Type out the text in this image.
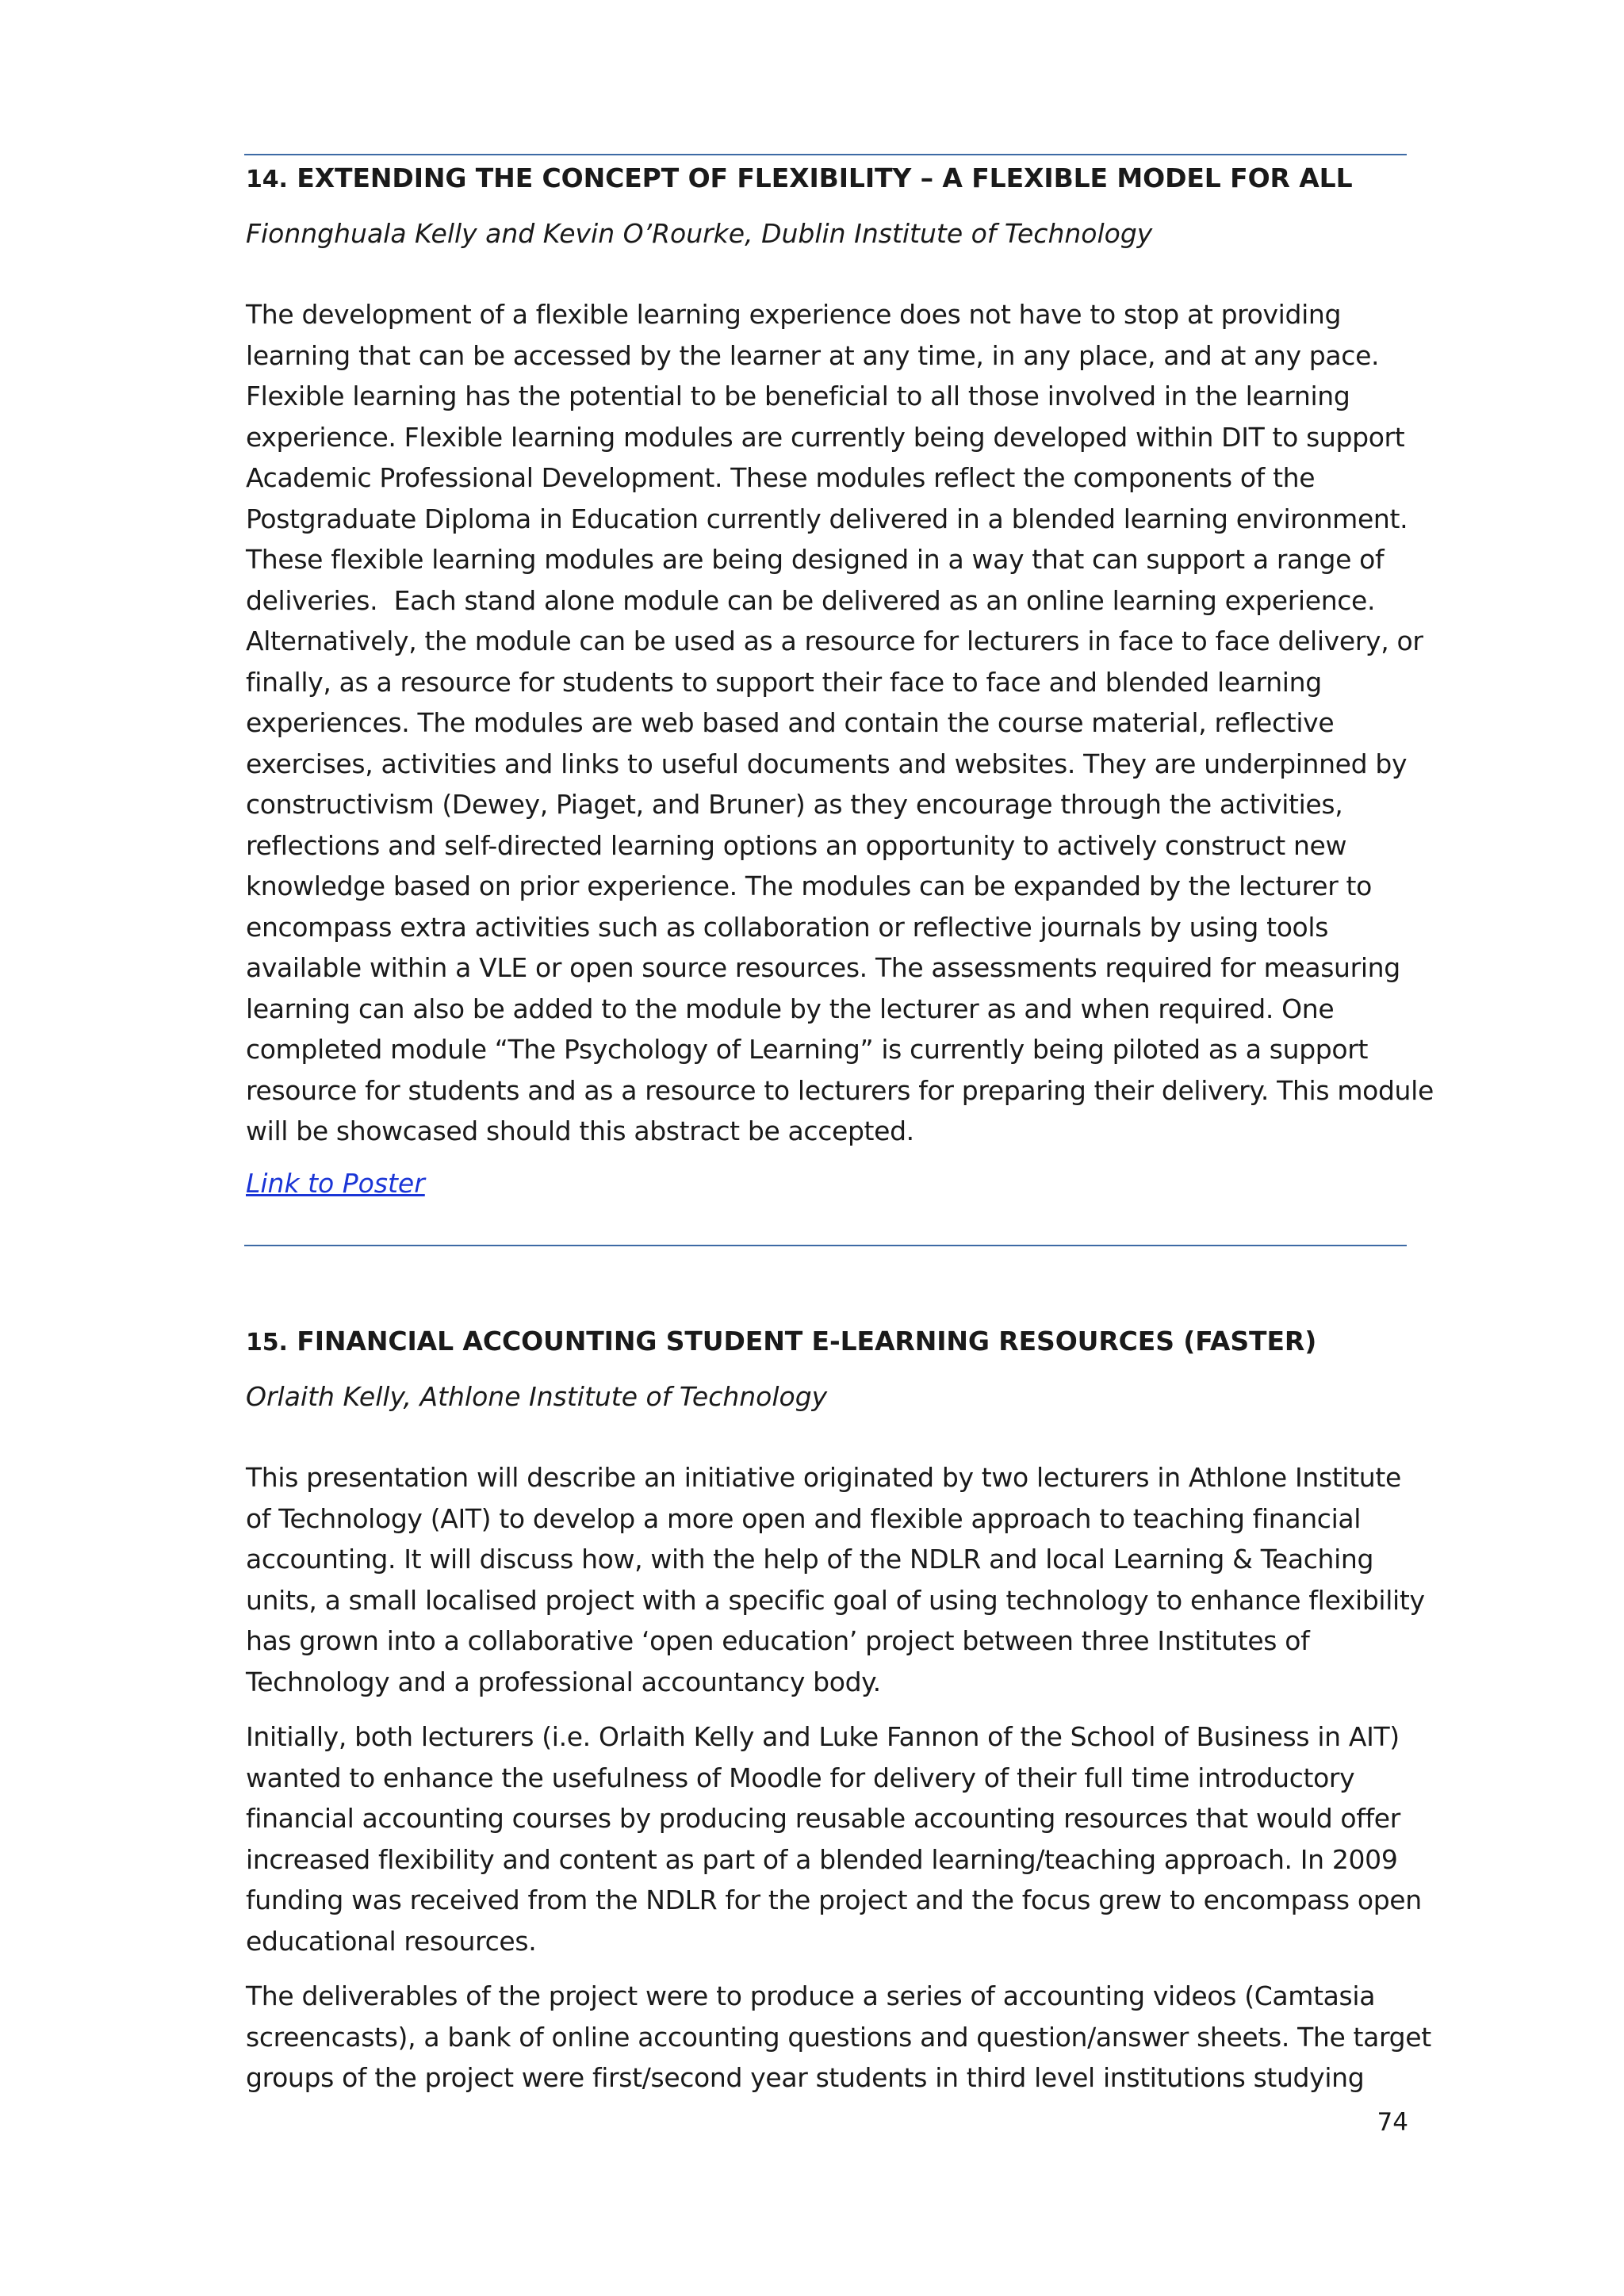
14. EXTENDING THE CONCEPT OF FLEXIBILITY – A FLEXIBLE MODEL FOR ALL

Fionnghuala Kelly and Kevin O’Rourke, Dublin Institute of Technology

The development of a flexible learning experience does not have to stop at providing
learning that can be accessed by the learner at any time, in any place, and at any pace.
Flexible learning has the potential to be beneficial to all those involved in the learning
experience. Flexible learning modules are currently being developed within DIT to support
Academic Professional Development. These modules reflect the components of the
Postgraduate Diploma in Education currently delivered in a blended learning environment.
These flexible learning modules are being designed in a way that can support a range of
deliveries.  Each stand alone module can be delivered as an online learning experience.
Alternatively, the module can be used as a resource for lecturers in face to face delivery, or
finally, as a resource for students to support their face to face and blended learning
experiences. The modules are web based and contain the course material, reflective
exercises, activities and links to useful documents and websites. They are underpinned by
constructivism (Dewey, Piaget, and Bruner) as they encourage through the activities,
reflections and self-directed learning options an opportunity to actively construct new
knowledge based on prior experience. The modules can be expanded by the lecturer to
encompass extra activities such as collaboration or reflective journals by using tools
available within a VLE or open source resources. The assessments required for measuring
learning can also be added to the module by the lecturer as and when required. One
completed module “The Psychology of Learning” is currently being piloted as a support
resource for students and as a resource to lecturers for preparing their delivery. This module
will be showcased should this abstract be accepted.

Link to Poster
15. FINANCIAL ACCOUNTING STUDENT E-LEARNING RESOURCES (FASTER)

Orlaith Kelly, Athlone Institute of Technology

This presentation will describe an initiative originated by two lecturers in Athlone Institute
of Technology (AIT) to develop a more open and flexible approach to teaching financial
accounting. It will discuss how, with the help of the NDLR and local Learning & Teaching
units, a small localised project with a specific goal of using technology to enhance flexibility
has grown into a collaborative ‘open education’ project between three Institutes of
Technology and a professional accountancy body.

Initially, both lecturers (i.e. Orlaith Kelly and Luke Fannon of the School of Business in AIT)
wanted to enhance the usefulness of Moodle for delivery of their full time introductory
financial accounting courses by producing reusable accounting resources that would offer
increased flexibility and content as part of a blended learning/teaching approach. In 2009
funding was received from the NDLR for the project and the focus grew to encompass open
educational resources.

The deliverables of the project were to produce a series of accounting videos (Camtasia
screencasts), a bank of online accounting questions and question/answer sheets. The target
groups of the project were first/second year students in third level institutions studying

74
